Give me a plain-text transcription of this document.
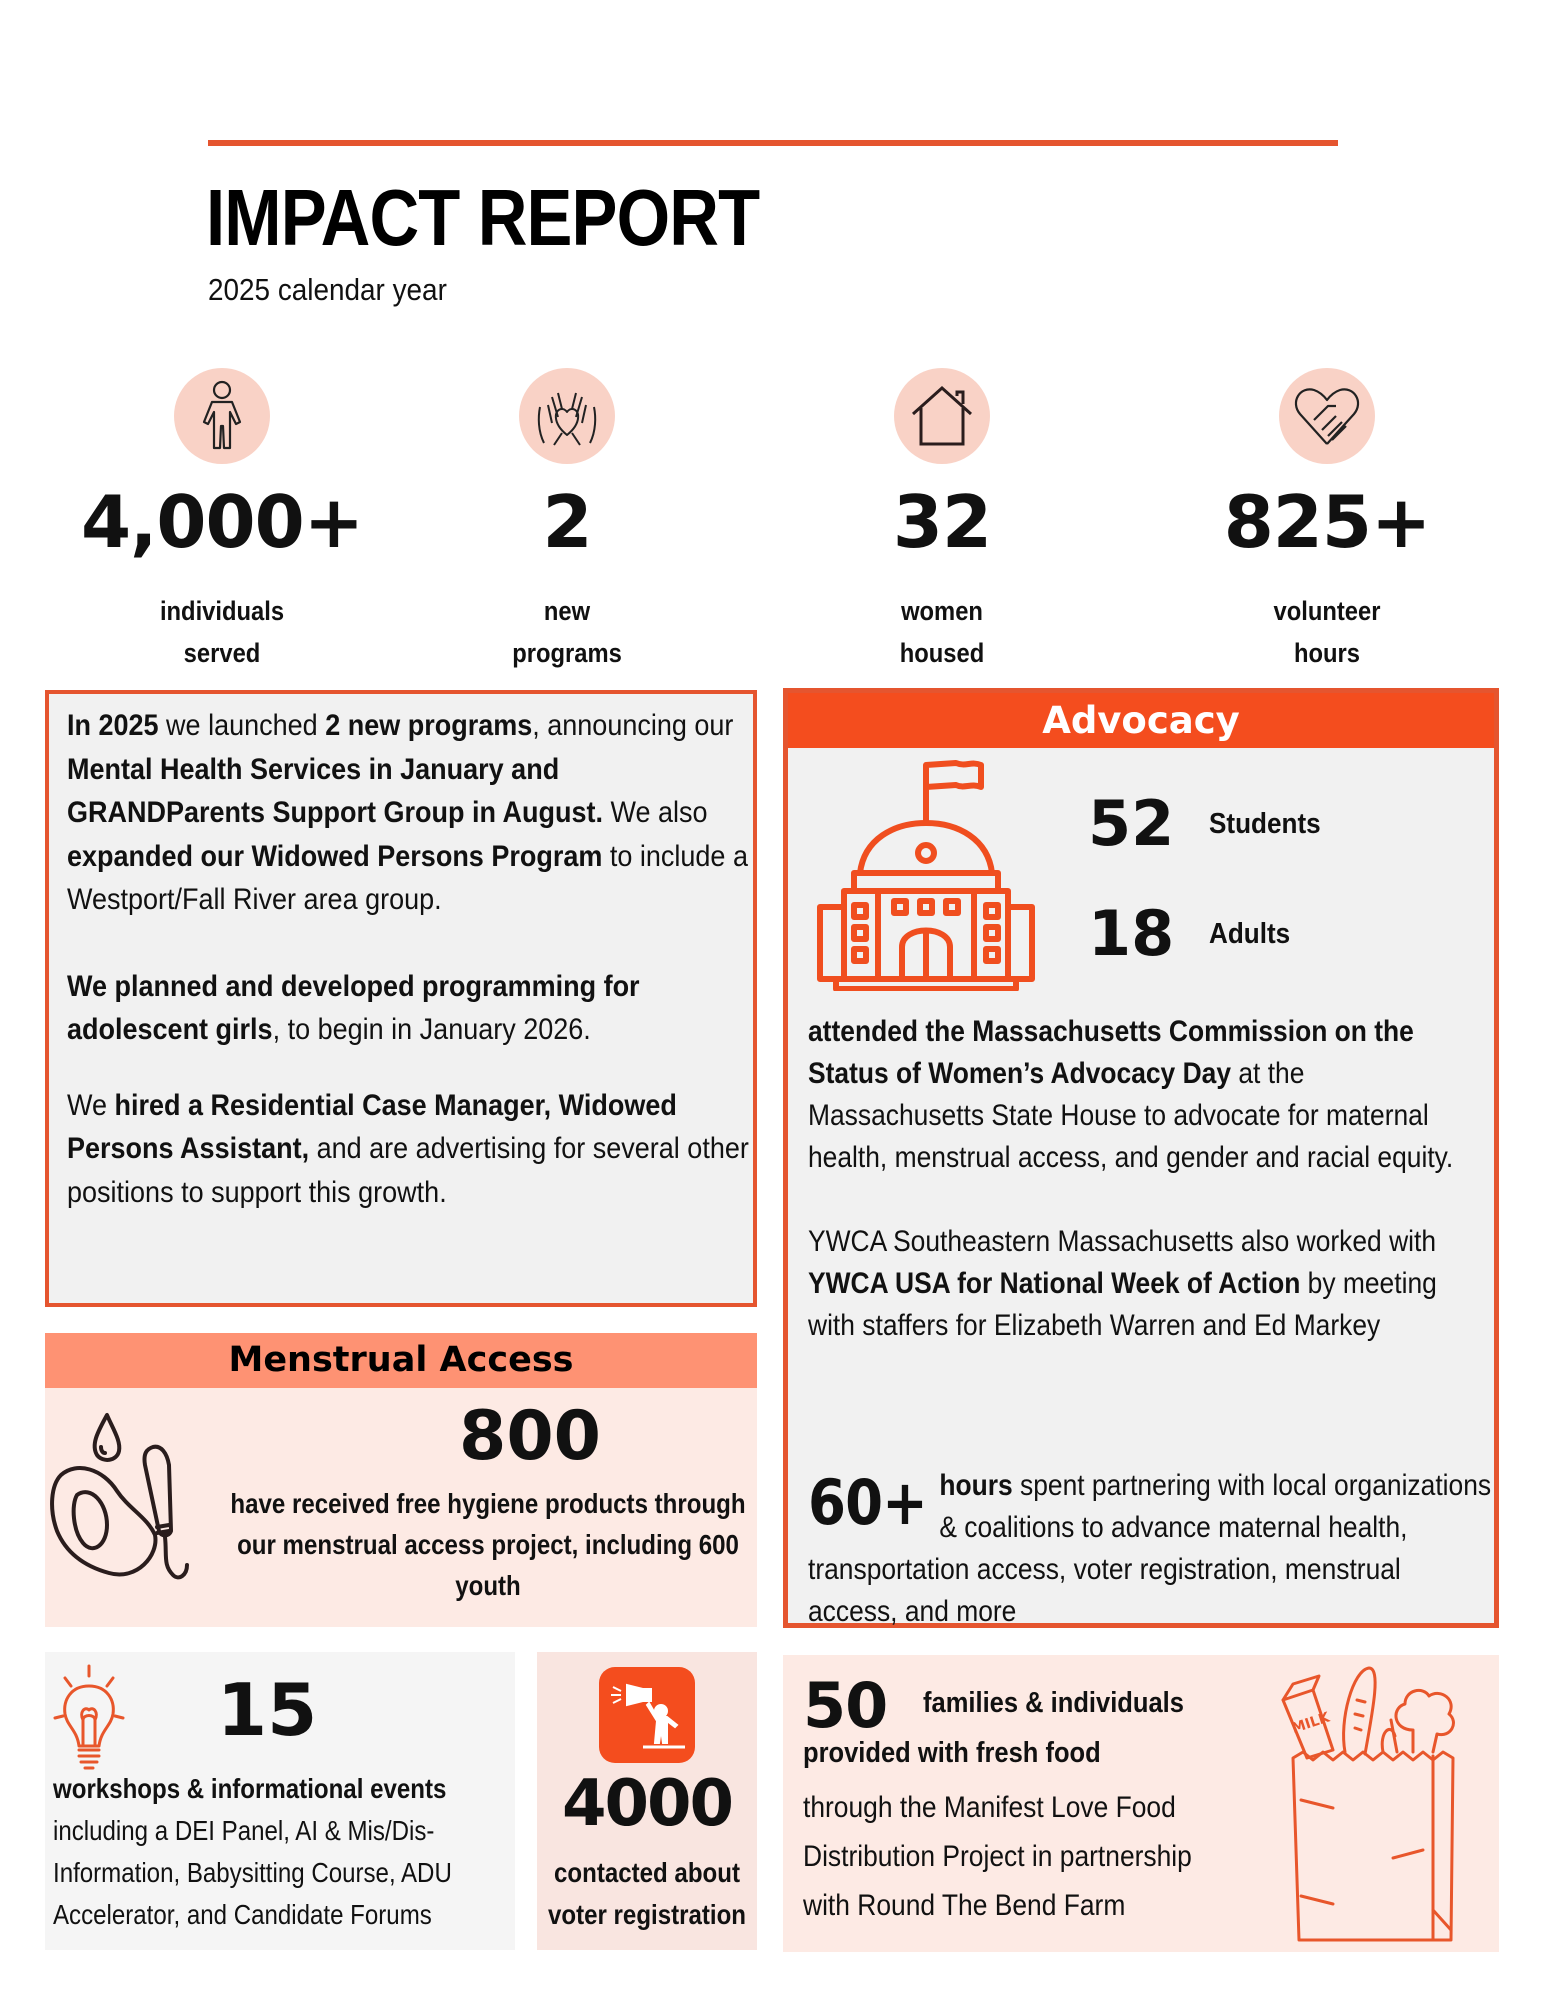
IMPACT REPORT
2025 calendar year
4,000+
individuals
served
2
new
programs
32
women
housed
825+
volunteer
hours

In 2025 we launched 2 new programs, announcing our Mental Health Services in January and GRANDParents Support Group in August. We also expanded our Widowed Persons Program to include a Westport/Fall River area group.

We planned and developed programming for adolescent girls, to begin in January 2026.

We hired a Residential Case Manager, Widowed Persons Assistant, and are advertising for several other positions to support this growth.

Advocacy
52	Students
18	Adults

attended the Massachusetts Commission on the Status of Women’s Advocacy Day at the Massachusetts State House to advocate for maternal health, menstrual access, and gender and racial equity.

YWCA Southeastern Massachusetts also worked with YWCA USA for National Week of Action by meeting with staffers for Elizabeth Warren and Ed Markey

60+ hours spent partnering with local organizations & coalitions to advance maternal health, transportation access, voter registration, menstrual access, and more
Menstrual Access
800
have received free hygiene products through our menstrual access project, including 600 youth
15
workshops & informational events
including a DEI Panel, AI & Mis/Dis-Information, Babysitting Course, ADU Accelerator, and Candidate Forums
4000
contacted about voter registration
50 families & individuals
provided with fresh food
through the Manifest Love Food Distribution Project in partnership with Round The Bend Farm
MILK
